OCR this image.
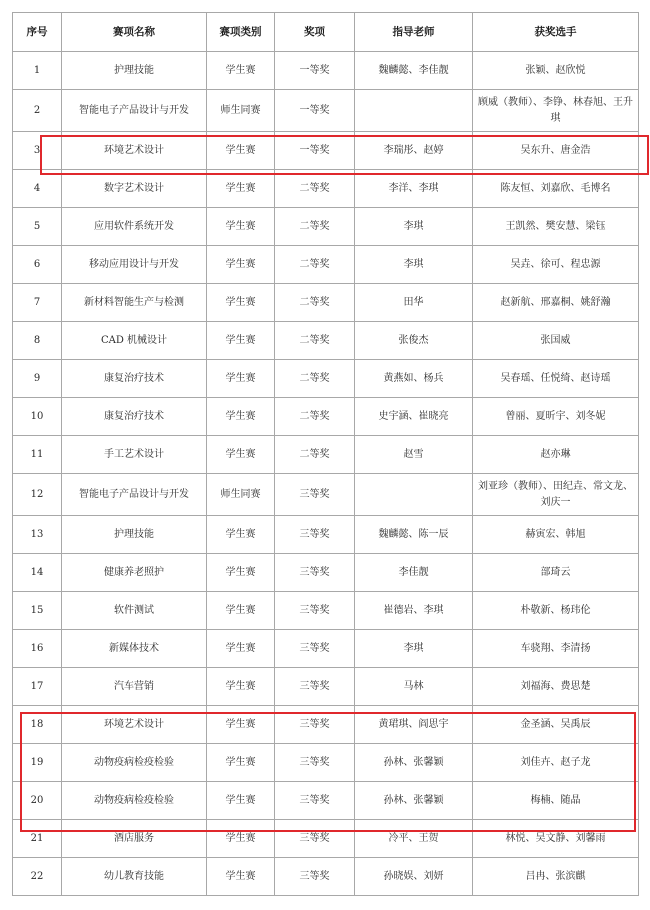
序号	赛项名称	赛项类别	奖项	指导老师	获奖选手
1	护理技能	学生赛	一等奖	魏麟懿、李佳靓	张颖、赵欣悦
2	智能电子产品设计与开发	师生同赛	一等奖		顾威（教师）、李铮、林春旭、王升琪
3	环境艺术设计	学生赛	一等奖	李瑞彤、赵婷	吴东升、唐金浩
4	数字艺术设计	学生赛	二等奖	李洋、李琪	陈友恒、刘嘉欣、毛博名
5	应用软件系统开发	学生赛	二等奖	李琪	王凯然、樊安慧、梁钰
6	移动应用设计与开发	学生赛	二等奖	李琪	吴垚、徐可、程忠源
7	新材料智能生产与检测	学生赛	二等奖	田华	赵新航、邢嘉桐、姚舒瀚
8	CAD 机械设计	学生赛	二等奖	张俊杰	张国威
9	康复治疗技术	学生赛	二等奖	黄燕如、杨兵	吴春瑶、任悦绮、赵诗瑶
10	康复治疗技术	学生赛	二等奖	史宇涵、崔晓亮	曾丽、夏昕宇、刘冬妮
11	手工艺术设计	学生赛	二等奖	赵雪	赵亦琳
12	智能电子产品设计与开发	师生同赛	三等奖		刘亚珍（教师）、田纪垚、常文龙、刘庆一
13	护理技能	学生赛	三等奖	魏麟懿、陈一辰	赫寅宏、韩旭
14	健康养老照护	学生赛	三等奖	李佳靓	部琦云
15	软件测试	学生赛	三等奖	崔德岩、李琪	朴敬新、杨玮伦
16	新媒体技术	学生赛	三等奖	李琪	车骁翔、李清扬
17	汽车营销	学生赛	三等奖	马林	刘福海、费思楚
18	环境艺术设计	学生赛	三等奖	黄珺琪、阎思宇	金圣涵、吴禹辰
19	动物疫病检疫检验	学生赛	三等奖	孙林、张馨颖	刘佳卉、赵子龙
20	动物疫病检疫检验	学生赛	三等奖	孙林、张馨颖	梅楠、随晶
21	酒店服务	学生赛	三等奖	冷平、王贺	林悦、吴文静、刘馨雨
22	幼儿教育技能	学生赛	三等奖	孙晓娱、刘妍	吕冉、张滨麒
